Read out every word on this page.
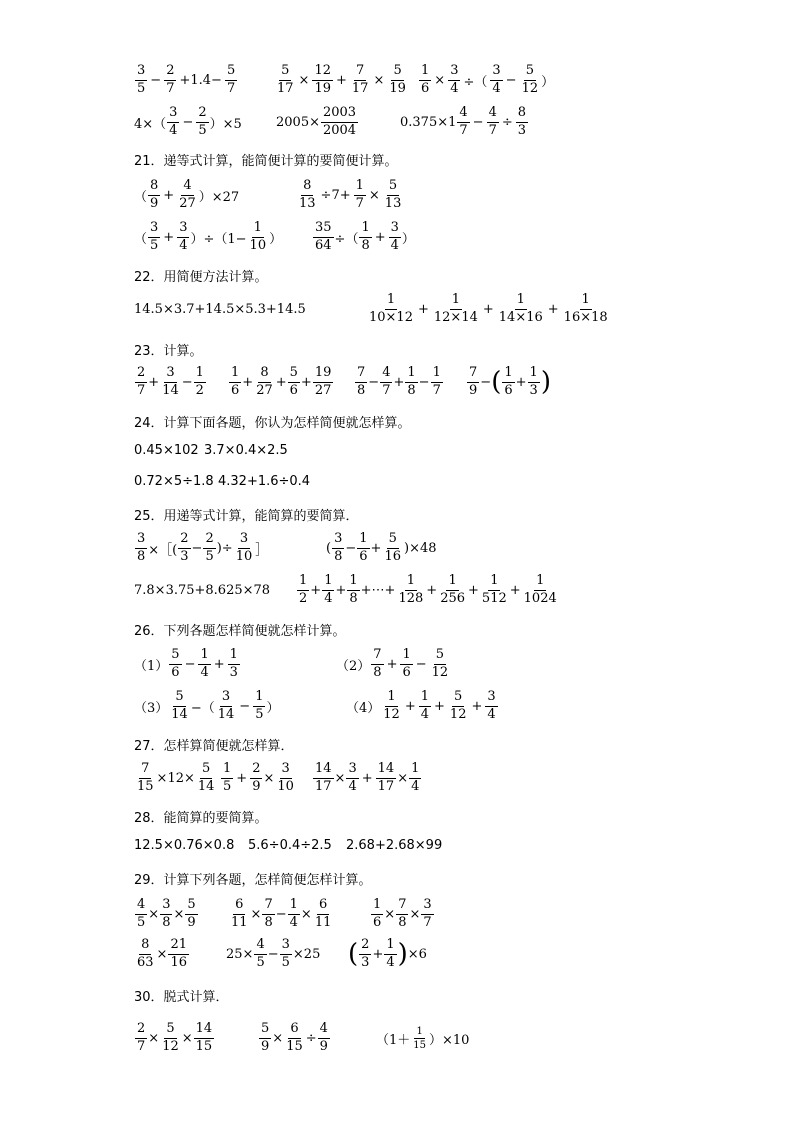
$\frac{3}{5} - \frac{2}{7} +1.4- \frac{5}{7}$	$\frac{5}{17} \times \frac{12}{19} + \frac{7}{17} \times \frac{5}{19} \frac{1}{6} \times \frac{3}{4}$ ÷（ $\frac{3}{4} - \frac{5}{12}$ ）
$4\times( \frac{3}{4} - \frac{2}{5} )\times 5$	$2005\times \frac{2003}{2004}$	$0.375\times 1 \frac{4}{7} - \frac{4}{7} \div \frac{8}{3}$
21．递等式计算，能简便计算的要简便计算。
（ $\frac{8}{9} + \frac{4}{27} )\times 27$	$\frac{8}{13} \div 7+ \frac{1}{7} \times \frac{5}{13}$
（ $\frac{3}{5} + \frac{3}{4} )\div(1- \frac{1}{10}$ ） $\frac{35}{64}$ ÷（ $\frac{1}{8} + \frac{3}{4}$ ）
22．用简便方法计算。
14.5×3.7+14.5×5.3+14.5	$\frac{1}{10\times 12} + \frac{1}{12\times 14} + \frac{1}{14\times 16} + \frac{1}{16\times 18}$
23．计算。
$\frac{2}{7} + \frac{3}{14} - \frac{1}{2} \frac{1}{6} + \frac{8}{27} + \frac{5}{6} + \frac{19}{27} \frac{7}{8} - \frac{4}{7} + \frac{1}{8} - \frac{1}{7} \frac{7}{9}$ − ( $\frac{1}{6} + \frac{1}{3}$ )
24．计算下面各题，你认为怎样简便就怎样算。
0.45×102 3.7×0.4×2.5
0.72×5÷1.8 4.32+1.6÷0.4
25．用递等式计算，能简算的要简算．
$\frac{3}{8}$ ×［( $\frac{2}{3} - \frac{2}{5}$ )÷ $\frac{3}{10}$ ］	( $\frac{3}{8} - \frac{1}{6} + \frac{5}{16} )\times 48$
$7.8\times 3.75+8.625\times 78 \frac{1}{2} + \frac{1}{4} + \frac{1}{8}$ +⋯+ $\frac{1}{128} + \frac{1}{256} + \frac{1}{512} + \frac{1}{1024}$
26．下列各题怎样简便就怎样计算。
$(1) \frac{5}{6} - \frac{1}{4} + \frac{1}{3}$	$(2) \frac{7}{8} + \frac{1}{6} - \frac{5}{12}$
$(3) \frac{5}{14}$ −（ $\frac{3}{14} - \frac{1}{5}$ ）	$(4) \frac{1}{12} + \frac{1}{4} + \frac{5}{12} + \frac{3}{4}$
27．怎样算简便就怎样算．
$\frac{7}{15} \times 12\times \frac{5}{14} \frac{1}{5} + \frac{2}{9} \times \frac{3}{10} \frac{14}{17} \times \frac{3}{4} + \frac{14}{17} \times \frac{1}{4}$
28．能简算的要简算。
12.5×0.76×0.8 5.6÷0.4÷2.5 2.68+2.68×99
29．计算下列各题，怎样简便怎样计算。
$\frac{4}{5} \times \frac{3}{8} \times \frac{5}{9} \frac{6}{11} \times \frac{7}{8} - \frac{1}{4} \times \frac{6}{11}$	$\frac{1}{6} \times \frac{7}{8} \times \frac{3}{7}$
$\frac{8}{63} \times \frac{21}{16}$	$25\times \frac{4}{5} - \frac{3}{5} \times 25$ ( $\frac{2}{3} + \frac{1}{4}$ ) ×6
30．脱式计算．
$\frac{2}{7} \times \frac{5}{12} \times \frac{14}{15}$	$\frac{5}{9} \times \frac{6}{15} \div \frac{4}{9}$	$(1+ \frac{1}{15} )\times 10$
